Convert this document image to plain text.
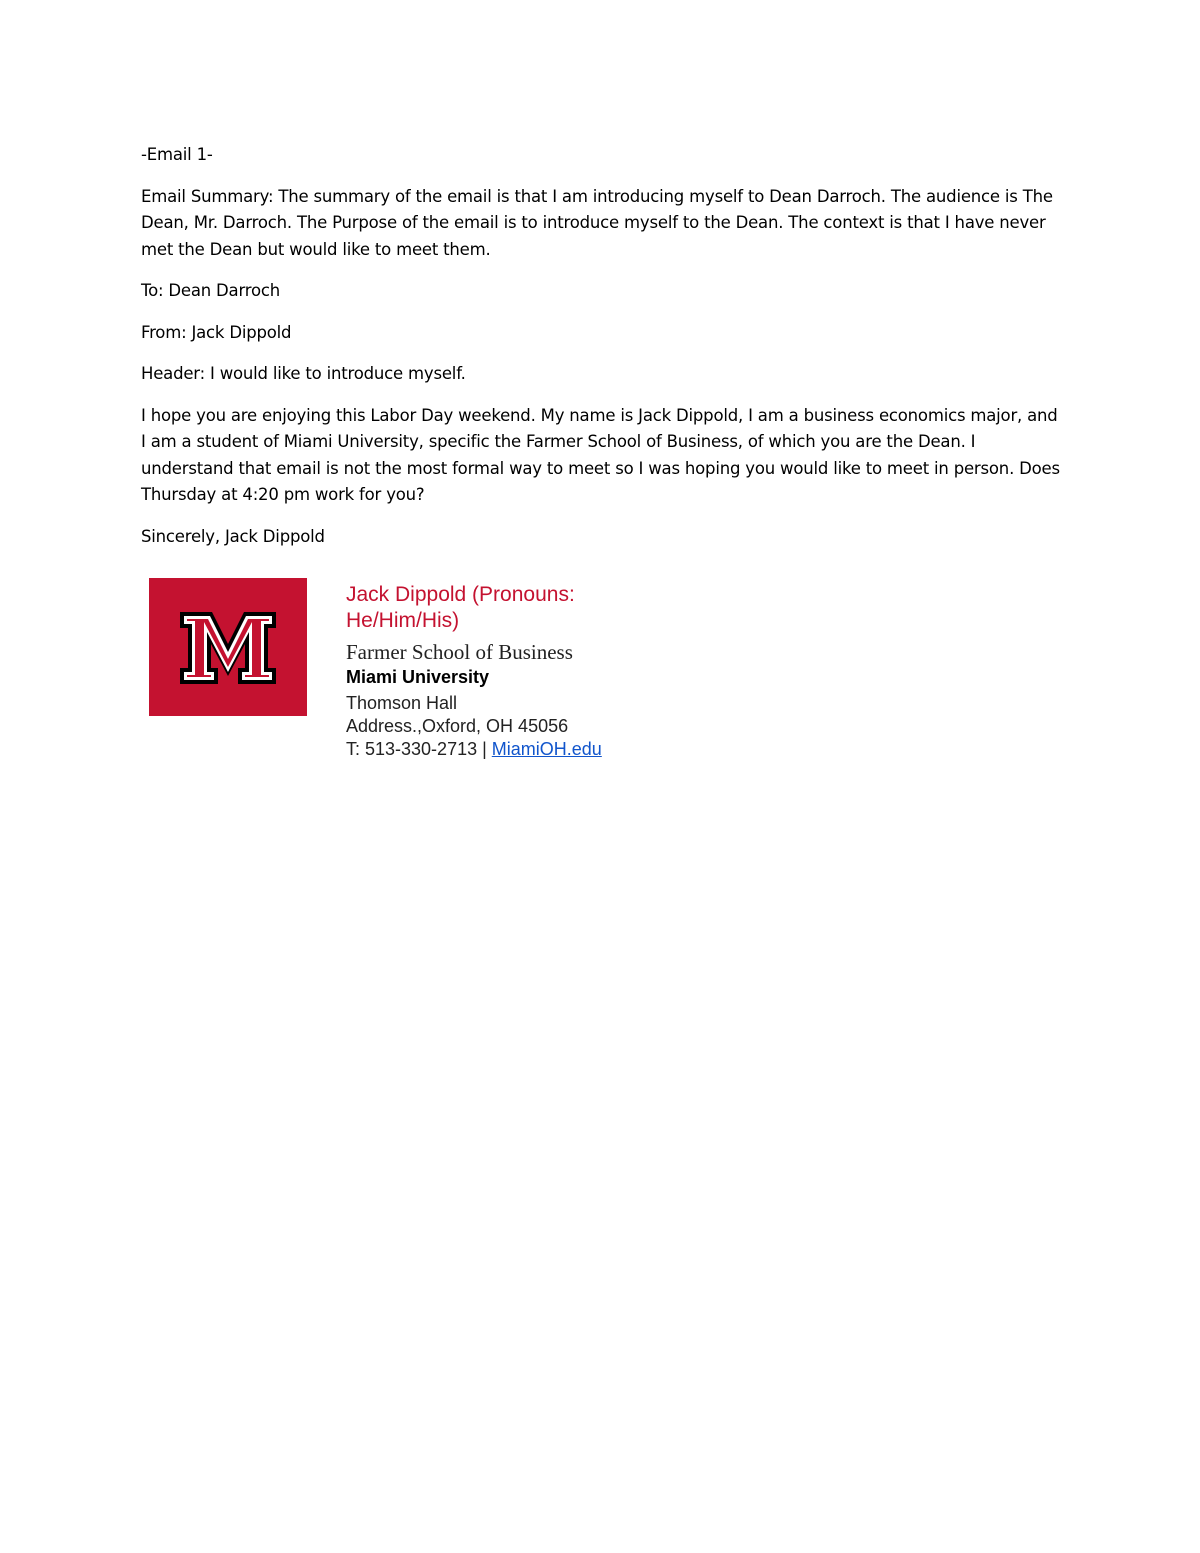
-Email 1-

Email Summary: The summary of the email is that I am introducing myself to Dean Darroch. The audience is The Dean, Mr. Darroch. The Purpose of the email is to introduce myself to the Dean. The context is that I have never met the Dean but would like to meet them.

To: Dean Darroch

From: Jack Dippold

Header: I would like to introduce myself.

I hope you are enjoying this Labor Day weekend. My name is Jack Dippold, I am a business economics major, and I am a student of Miami University, specific the Farmer School of Business, of which you are the Dean. I understand that email is not the most formal way to meet so I was hoping you would like to meet in person. Does Thursday at 4:20 pm work for you?

Sincerely, Jack Dippold

Jack Dippold (Pronouns: He/Him/His)
Farmer School of Business
Miami University
Thomson Hall
Address.,Oxford, OH 45056
T: 513-330-2713 | MiamiOH.edu
